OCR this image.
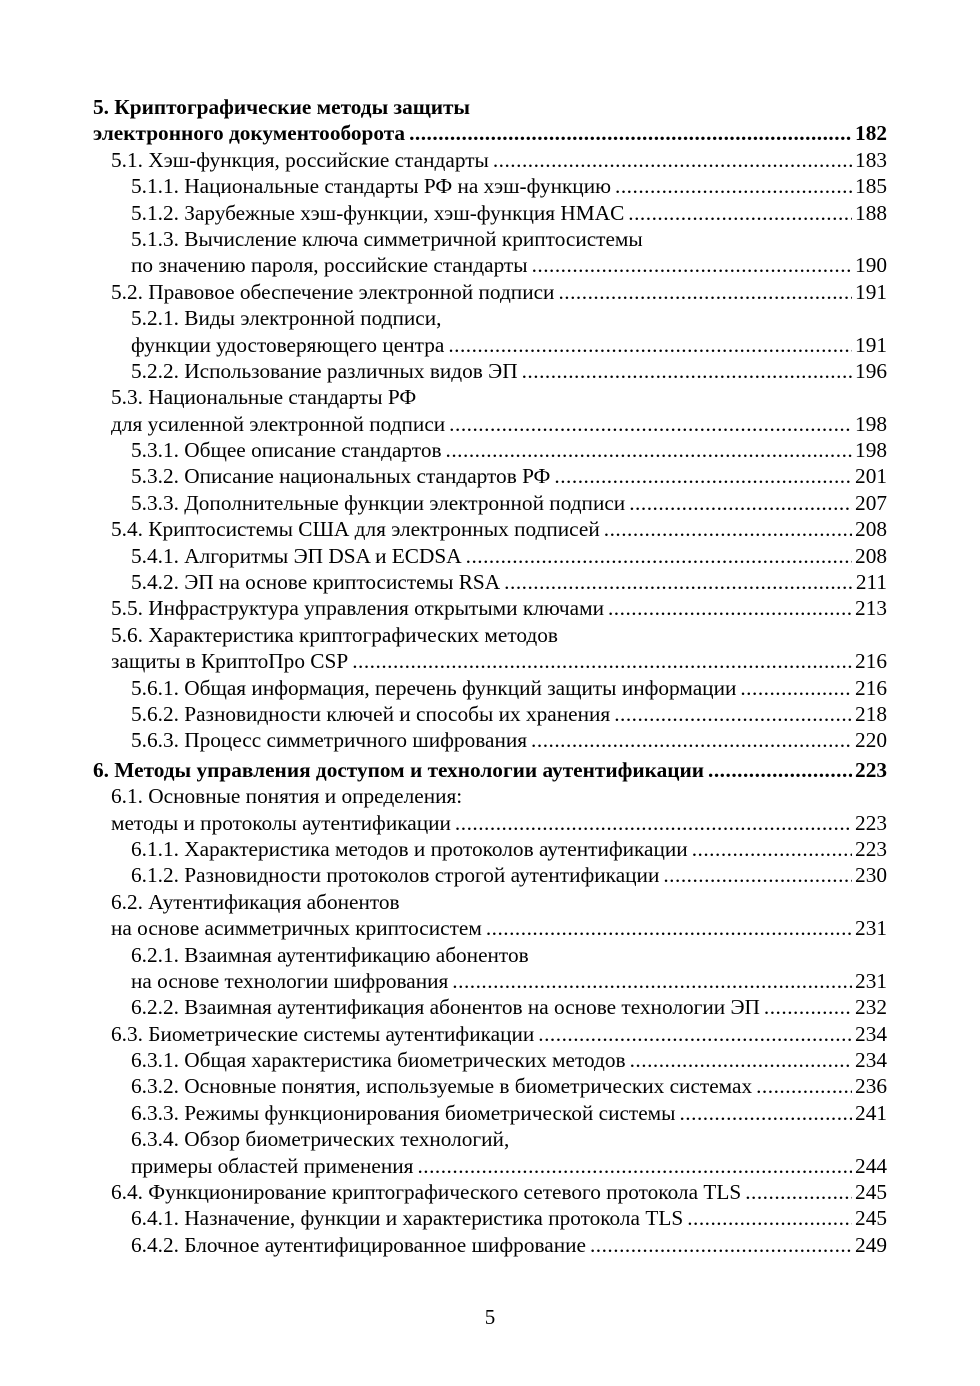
5. Криптографические методы защиты
электронного документооборота .....	182
5.1. Хэш-функция, российские стандарты .....	183
5.1.1. Национальные стандарты РФ на хэш-функцию .....	185
5.1.2. Зарубежные хэш-функции, хэш-функция HMAC .....	188
5.1.3. Вычисление ключа симметричной криптосистемы
по значению пароля, российские стандарты .....	190
5.2. Правовое обеспечение электронной подписи .....	191
5.2.1. Виды электронной подписи,
функции удостоверяющего центра .....	191
5.2.2. Использование различных видов ЭП .....	196
5.3. Национальные стандарты РФ
для усиленной электронной подписи .....	198
5.3.1. Общее описание стандартов .....	198
5.3.2. Описание национальных стандартов РФ .....	201
5.3.3. Дополнительные функции электронной подписи .....	207
5.4. Криптосистемы США для электронных подписей .....	208
5.4.1. Алгоритмы ЭП DSA и ECDSA .....	208
5.4.2. ЭП на основе криптосистемы RSA .....	211
5.5. Инфраструктура управления открытыми ключами .....	213
5.6. Характеристика криптографических методов
защиты в КриптоПро CSP .....	216
5.6.1. Общая информация, перечень функций защиты информации .....	216
5.6.2. Разновидности ключей и способы их хранения .....	218
5.6.3. Процесс симметричного шифрования .....	220
6. Методы управления доступом и технологии аутентификации .....	223
6.1. Основные понятия и определения:
методы и протоколы аутентификации .....	223
6.1.1. Характеристика методов и протоколов аутентификации .....	223
6.1.2. Разновидности протоколов строгой аутентификации .....	230
6.2. Аутентификация абонентов
на основе асимметричных криптосистем .....	231
6.2.1. Взаимная аутентификацию абонентов
на основе технологии шифрования .....	231
6.2.2. Взаимная аутентификация абонентов на основе технологии ЭП .....	232
6.3. Биометрические системы аутентификации .....	234
6.3.1. Общая характеристика биометрических методов .....	234
6.3.2. Основные понятия, используемые в биометрических системах .....	236
6.3.3. Режимы функционирования биометрической системы .....	241
6.3.4. Обзор биометрических технологий,
примеры областей применения .....	244
6.4. Функционирование криптографического сетевого протокола TLS .....	245
6.4.1. Назначение, функции и характеристика протокола TLS .....	245
6.4.2. Блочное аутентифицированное шифрование .....	249
5
